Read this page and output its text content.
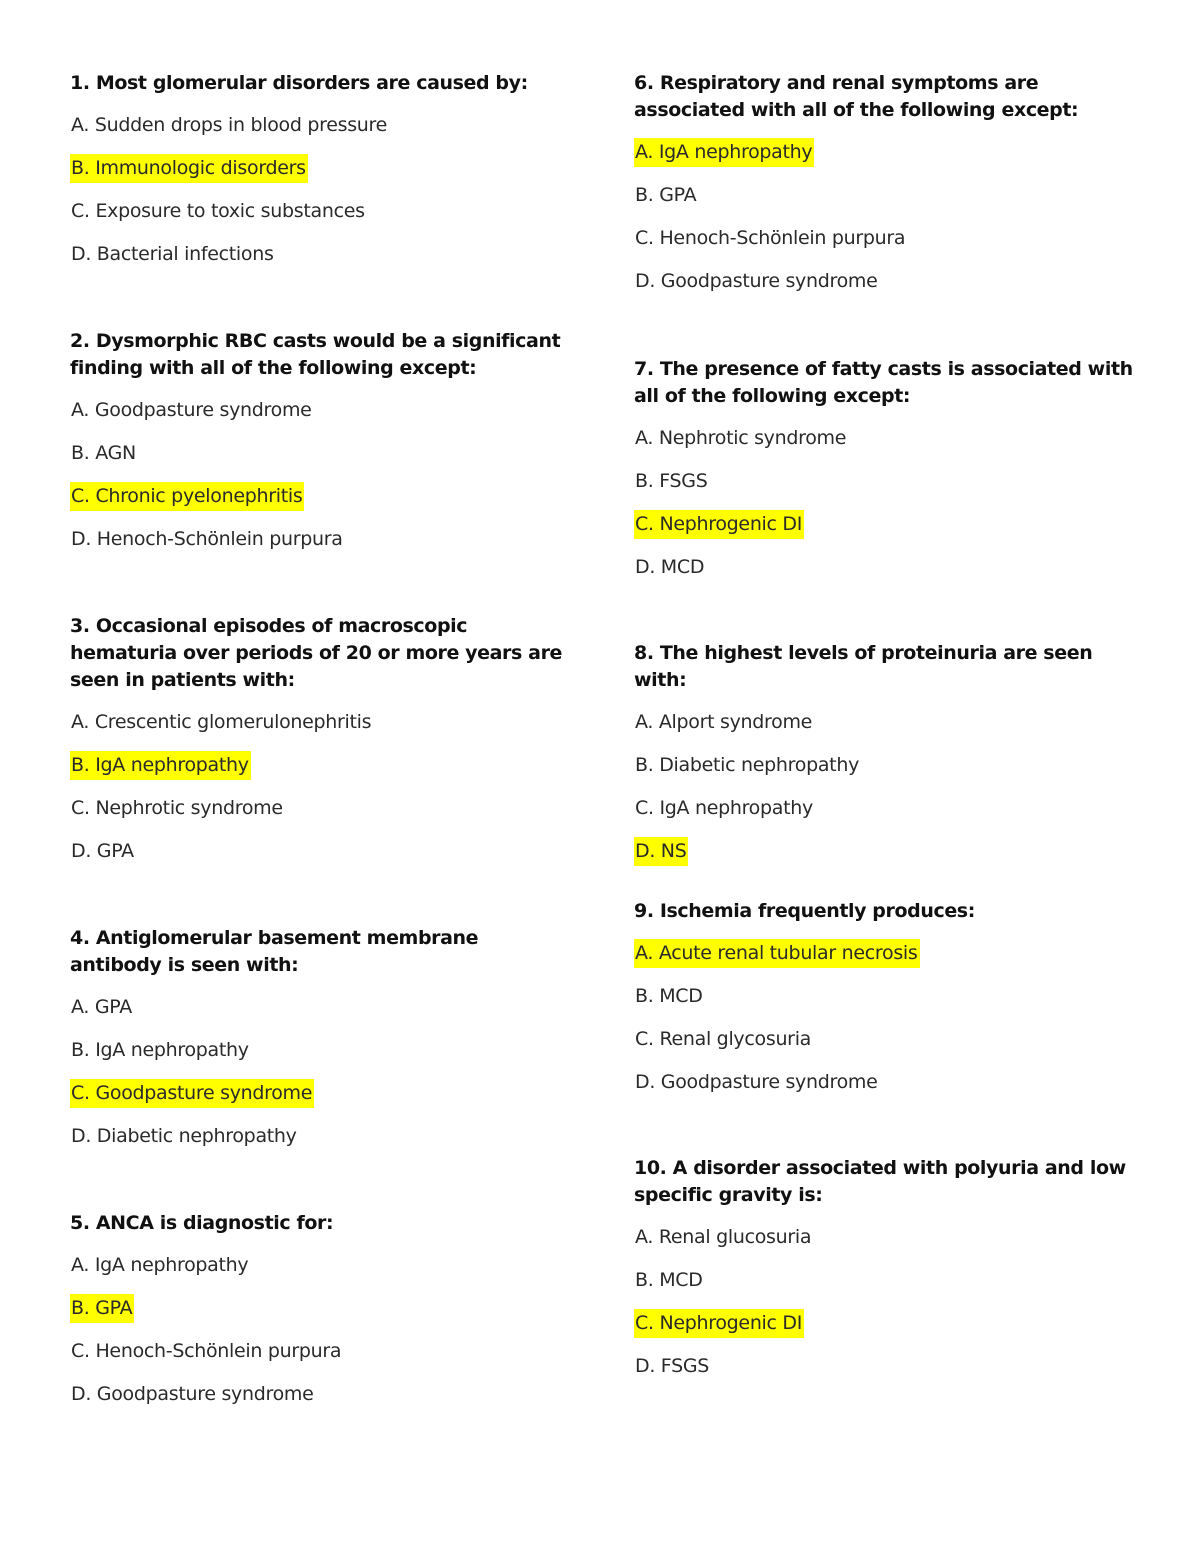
1. Most glomerular disorders are caused by:
A. Sudden drops in blood pressure
B. Immunologic disorders
C. Exposure to toxic substances
D. Bacterial infections
2. Dysmorphic RBC casts would be a significant finding with all of the following except:
A. Goodpasture syndrome
B. AGN
C. Chronic pyelonephritis
D. Henoch-Schönlein purpura
3. Occasional episodes of macroscopic hematuria over periods of 20 or more years are seen in patients with:
A. Crescentic glomerulonephritis
B. IgA nephropathy
C. Nephrotic syndrome
D. GPA
4. Antiglomerular basement membrane antibody is seen with:
A. GPA
B. IgA nephropathy
C. Goodpasture syndrome
D. Diabetic nephropathy
5. ANCA is diagnostic for:
A. IgA nephropathy
B. GPA
C. Henoch-Schönlein purpura
D. Goodpasture syndrome
6. Respiratory and renal symptoms are associated with all of the following except:
A. IgA nephropathy
B. GPA
C. Henoch-Schönlein purpura
D. Goodpasture syndrome
7. The presence of fatty casts is associated with all of the following except:
A. Nephrotic syndrome
B. FSGS
C. Nephrogenic DI
D. MCD
8. The highest levels of proteinuria are seen with:
A. Alport syndrome
B. Diabetic nephropathy
C. IgA nephropathy
D. NS
9. Ischemia frequently produces:
A. Acute renal tubular necrosis
B. MCD
C. Renal glycosuria
D. Goodpasture syndrome
10. A disorder associated with polyuria and low specific gravity is:
A. Renal glucosuria
B. MCD
C. Nephrogenic DI
D. FSGS
